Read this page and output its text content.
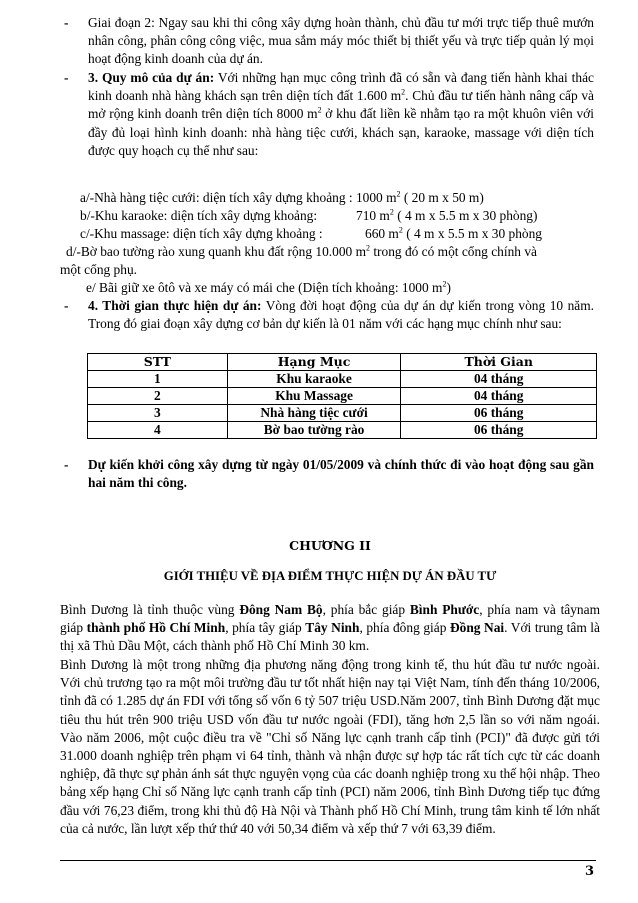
- Giai đoạn 2: Ngay sau khi thi công xây dựng hoàn thành, chủ đầu tư mới trực tiếp thuê mướn nhân công, phân công công việc, mua sắm máy móc thiết bị thiết yếu và trực tiếp quản lý mọi hoạt động kinh doanh của dự án.
- 3. Quy mô của dự án: Với những hạn mục công trình đã có sẵn và đang tiến hành khai thác kinh doanh nhà hàng khách sạn trên diện tích đất 1.600 $m^2$. Chủ đầu tư tiến hành nâng cấp và mở rộng kinh doanh trên diện tích 8000 $m^2$ ở khu đất liền kề nhằm tạo ra một khuôn viên với đầy đủ loại hình kinh doanh: nhà hàng tiệc cưới, khách sạn, karaoke, massage với diện tích được quy hoạch cụ thể như sau:
a/-Nhà hàng tiệc cưới: diện tích xây dựng khoảng : 1000 $m^2$ ( 20 m x 50 m)
b/-Khu karaoke: diện tích xây dựng khoảng:	710 $m^2$ ( 4 m x 5.5 m x 30 phòng)
c/-Khu massage: diện tích xây dựng khoảng :	660 $m^2$ ( 4 m x 5.5 m x 30 phòng
d/-Bờ bao tường rào xung quanh khu đất rộng 10.000 $m^2$ trong đó có một cổng chính và
một cổng phụ.
e/ Bãi giữ xe ôtô và xe máy có mái che (Diện tích khoảng: 1000 $m^2$)
- 4. Thời gian thực hiện dự án: Vòng đời hoạt động của dự án dự kiến trong vòng 10 năm. Trong đó giai đoạn xây dựng cơ bản dự kiến là 01 năm với các hạng mục chính như sau:
STT	Hạng Mục	Thời Gian
1	Khu karaoke	04 tháng
2	Khu Massage	04 tháng
3	Nhà hàng tiệc cưới	06 tháng
4	Bờ bao tường rào	06 tháng
- Dự kiến khởi công xây dựng từ ngày 01/05/2009 và chính thức đi vào hoạt động sau gần hai năm thi công.
CHƯƠNG II
GIỚI THIỆU VỀ ĐỊA ĐIỂM THỰC HIỆN DỰ ÁN ĐẦU TƯ
Bình Dương là tỉnh thuộc vùng Đông Nam Bộ, phía bắc giáp Bình Phước, phía nam và tâynam giáp thành phố Hồ Chí Minh, phía tây giáp Tây Ninh, phía đông giáp Đồng Nai. Với trung tâm là thị xã Thủ Dầu Một, cách thành phố Hồ Chí Minh 30 km.
Bình Dương là một trong những địa phương năng động trong kinh tế, thu hút đầu tư nước ngoài. Với chủ trương tạo ra một môi trường đầu tư tốt nhất hiện nay tại Việt Nam, tính đến tháng 10/2006, tỉnh đã có 1.285 dự án FDI với tổng số vốn 6 tỷ 507 triệu USD.Năm 2007, tỉnh Bình Dương đặt mục tiêu thu hút trên 900 triệu USD vốn đầu tư nước ngoài (FDI), tăng hơn 2,5 lần so với năm ngoái. Vào năm 2006, một cuộc điều tra về "Chỉ số Năng lực cạnh tranh cấp tỉnh (PCI)" đã được gửi tới 31.000 doanh nghiệp trên phạm vi 64 tỉnh, thành và nhận được sự hợp tác rất tích cực từ các doanh nghiệp, đã thực sự phản ánh sát thực nguyện vọng của các doanh nghiệp trong xu thế hội nhập. Theo bảng xếp hạng Chỉ số Năng lực cạnh tranh cấp tỉnh (PCI) năm 2006, tỉnh Bình Dương tiếp tục đứng đầu với 76,23 điểm, trong khi thủ độ Hà Nội và Thành phố Hồ Chí Minh, trung tâm kinh tế lớn nhất của cả nước, lần lượt xếp thứ thứ 40 với 50,34 điểm và xếp thứ 7 với 63,39 điểm.
3
